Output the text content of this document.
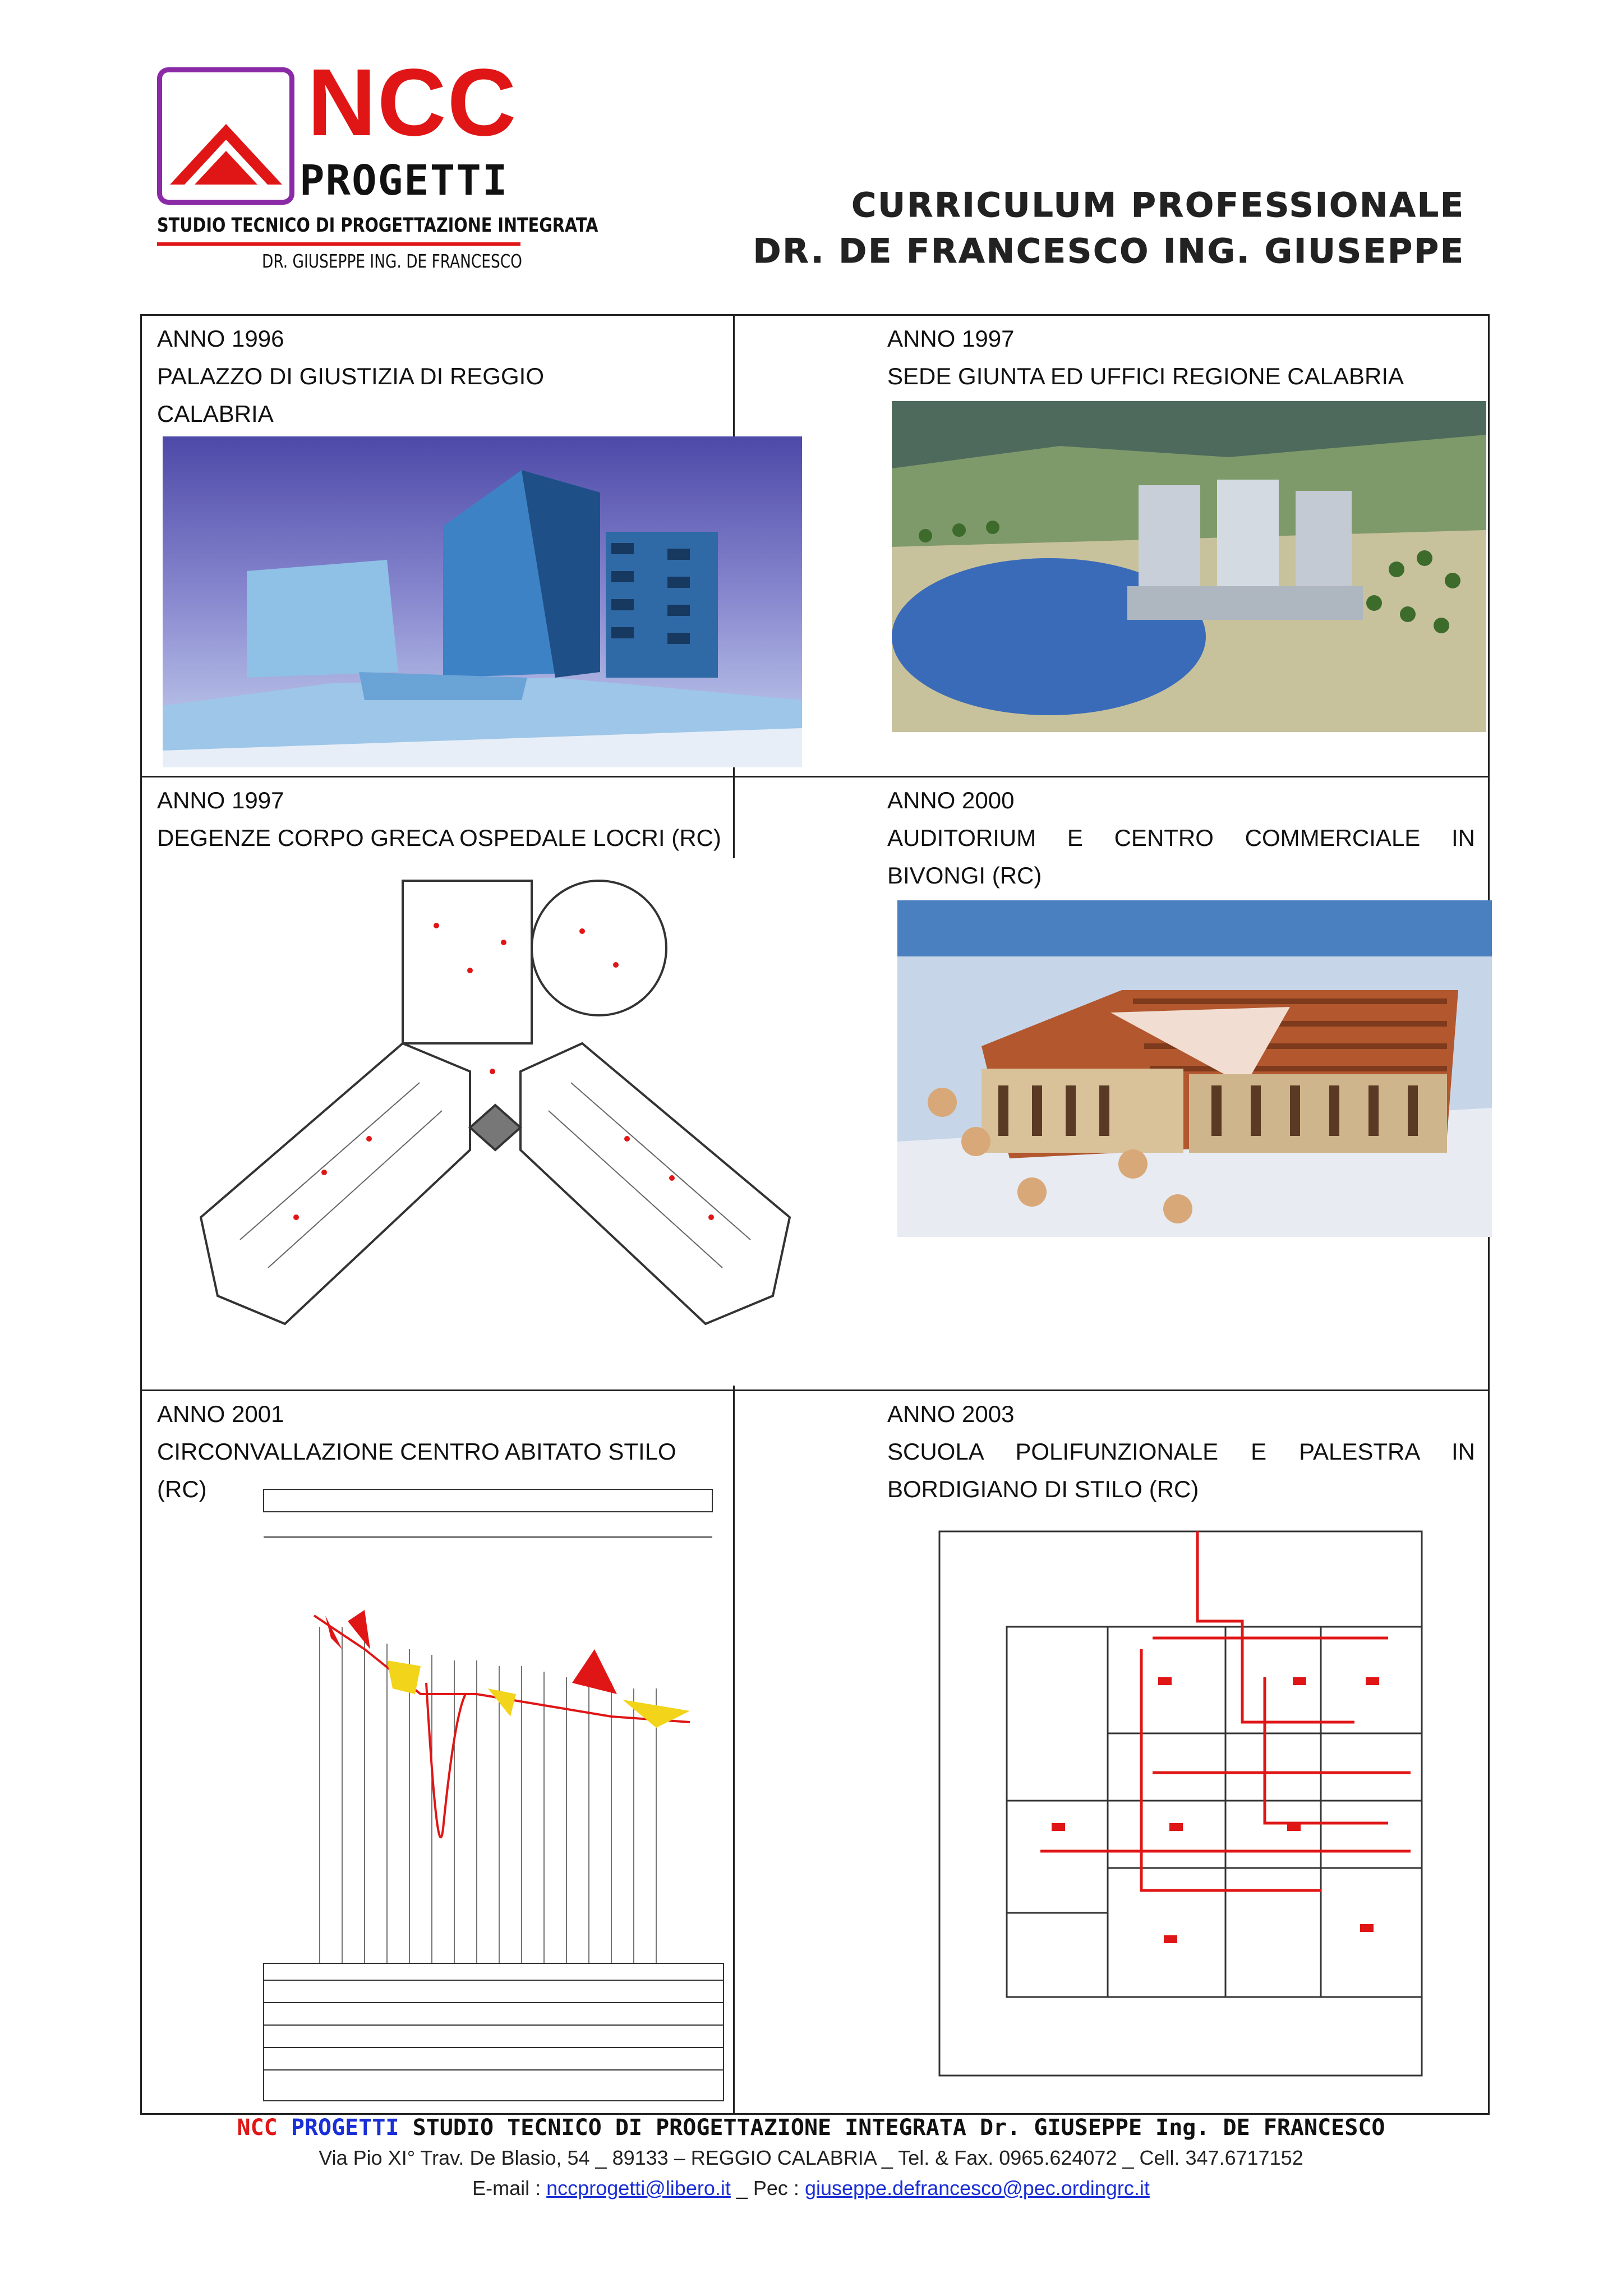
NCC
PROGETTI
STUDIO TECNICO DI PROGETTAZIONE INTEGRATA
DR. GIUSEPPE ING. DE FRANCESCO
CURRICULUM PROFESSIONALE
DR. DE FRANCESCO ING. GIUSEPPE
ANNO 1996
PALAZZO DI GIUSTIZIA DI REGGIO
CALABRIA
ANNO 1997
SEDE GIUNTA ED UFFICI REGIONE CALABRIA
ANNO 1997
DEGENZE CORPO GRECA OSPEDALE LOCRI (RC)
ANNO 2000
AUDITORIUM E CENTRO COMMERCIALE IN
BIVONGI (RC)
ANNO 2001
CIRCONVALLAZIONE CENTRO ABITATO STILO (RC)
ANNO 2003
SCUOLA POLIFUNZIONALE E PALESTRA IN
BORDIGIANO DI STILO (RC)
NCC PROGETTI STUDIO TECNICO DI PROGETTAZIONE INTEGRATA Dr. GIUSEPPE Ing. DE FRANCESCO
Via Pio XI° Trav. De Blasio, 54 _ 89133 – REGGIO CALABRIA _ Tel. & Fax. 0965.624072 _ Cell. 347.6717152
E-mail : nccprogetti@libero.it _ Pec : giuseppe.defrancesco@pec.ordingrc.it
